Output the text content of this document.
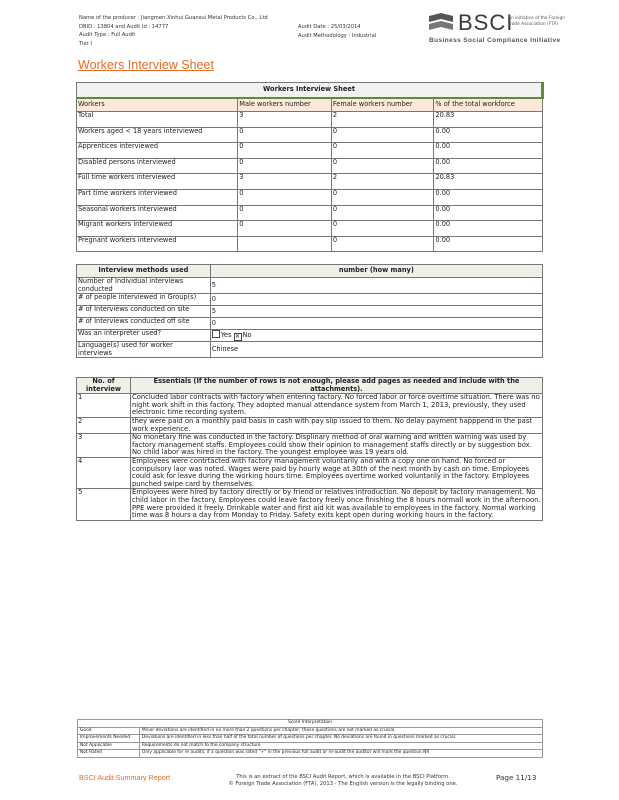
Name of the producer : Jiangmen Xinhui Guansui Metal Products Co., Ltd
DBID : 13804 and Audit Id : 14777
Audit Type : Full Audit
Tier I
Audit Date : 25/03/2014
Audit Methodology : Industrial
BSCI
An initiative of the Foreign
Trade Association (FTA)
Business Social Compliance Initiative
Workers Interview Sheet
Workers Interview Sheet			
Workers	Male workers number	Female workers number	% of the total workforce
Total	3	2	20.83
Workers aged < 18 years interviewed	0	0	0.00
Apprentices interviewed	0	0	0.00
Disabled persons interviewed	0	0	0.00
Full time workers interviewed	3	2	20.83
Part time workers interviewed	0	0	0.00
Seasonal workers interviewed	0	0	0.00
Migrant workers interviewed	0	0	0.00
Pregnant workers interviewed		0	0.00
Interview methods used	number (how many)
Number of Individual interviews conducted	5
# of people interviewed in Group(s)	0
# of Interviews conducted on site	5
# of Interviews conducted off site	0
Was an interpreter used?	Yes ✕ No
Language(s) used for worker interviews	Chinese
No. of interview	Essentials (If the number of rows is not enough, please add pages as needed and include with the attachments).
1	Concluded labor contracts with factory when entering factory. No forced labor or force overtime situation. There was no night work shift in this factory. They adopted manual attendance system from March 1, 2013, previously, they used electronic time recording system.
2	they were paid on a monthly paid basis in cash with pay slip issued to them. No delay payment happpend in the past work experience.
3	No monetary fine was conducted in the factory. Displinary method of oral warning and written warning was used by factory management staffs. Employees could show their opinion to management staffs directly or by suggestion box. No child labor was hired in the factory. The youngest employee was 19 years old.
4	Employees were contrtacted with factory management voluntarily and with a copy one on hand. No forced or compulsory laor was noted. Wages were paid by hourly wage at 30th of the next month by cash on time. Employees could ask for leave during the working hours time. Employees overtime worked voluntarily in the factory. Employees punched swipe card by themselves.
5	Employees were hired by factory directly or by friend or relatives introduction. No deposit by factory management. No child labor in the factory. Employees could leave factory freely once finishing the 8 hours normall work in the afternoon. PPE were provided it freely. Drinkable water and first aid kit was available to employees in the factory. Normal working time was 8 hours a day from Monday to Friday. Safety exits kept open during working hours in the factory.
Score Interpretation	
Good	Minor deviations are identified in no more than 2 questions per chapter; these questions are not marked as crucial.
Improvements Needed	Deviations are identified in less than half of the total number of questions per chapter. No deviations are found in questions marked as crucial.
Not Applicable	Requirements do not match to the company structure
Not Rated	Only applicable for re audits; if a question was rated "+" in the previous full audit or re-audit the auditor will mark the question NR
BSCI Audit Summary Report	This is an extract of the BSCI Audit Report, which is available in the BSCI Platform.
© Foreign Trade Association (FTA), 2013 - The English version is the legally binding one.
Page 11/13
